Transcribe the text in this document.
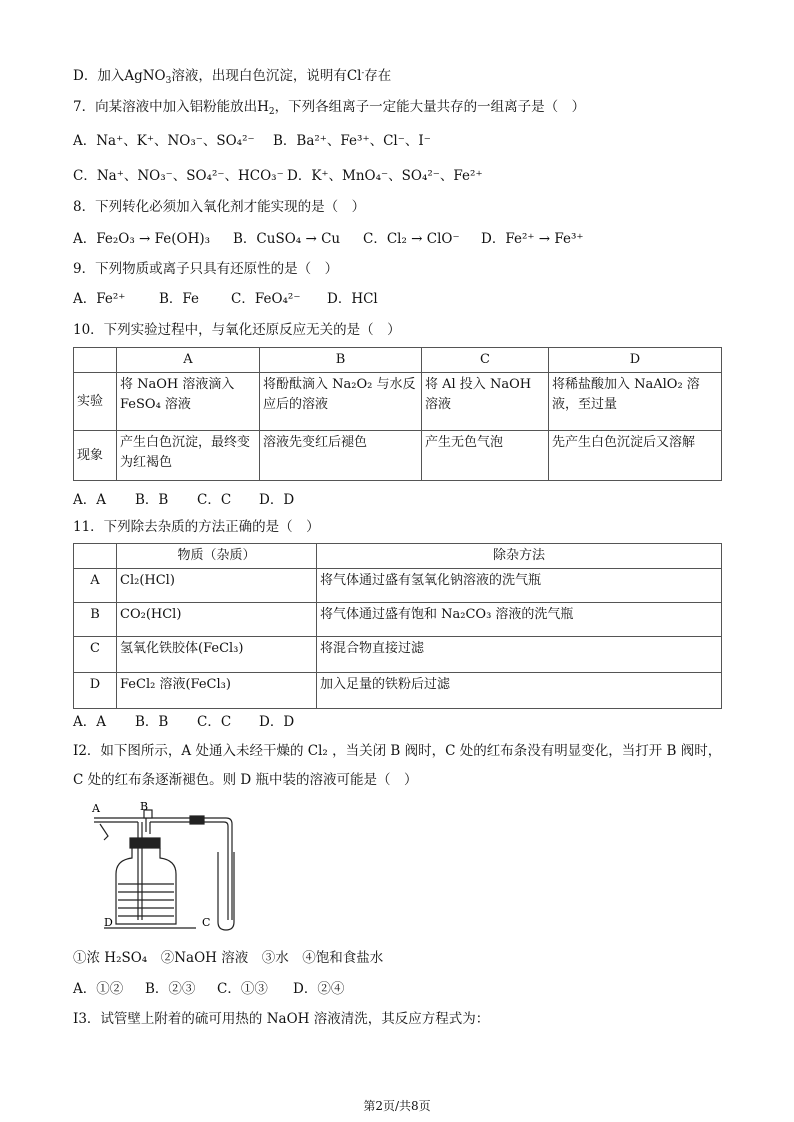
D．加入AgNO$_3$溶液，出现白色沉淀，说明有Cl-存在
7．向某溶液中加入铝粉能放出$H_2$，下列各组离子一定能大量共存的一组离子是（　）
A．Na⁺、K⁺、NO₃⁻、SO₄²⁻ B．Ba²⁺、Fe³⁺、Cl⁻、I⁻
C．Na⁺、NO₃⁻、SO₄²⁻、HCO₃⁻ D．K⁺、MnO₄⁻、SO₄²⁻、Fe²⁺
8．下列转化必须加入氧化剂才能实现的是（　）
A．Fe₂O₃ → Fe(OH)₃ B．CuSO₄ → Cu C．Cl₂ → ClO⁻ D．Fe²⁺ → Fe³⁺
9．下列物质或离子只具有还原性的是（　）
A．Fe²⁺ B．Fe C．FeO₄²⁻ D．HCl
10．下列实验过程中，与氧化还原反应无关的是（　）
	A	B	C	D
实验	将 NaOH 溶液滴入 FeSO₄ 溶液	将酚酞滴入 Na₂O₂ 与水反应后的溶液	将 Al 投入 NaOH 溶液	将稀盐酸加入 NaAlO₂ 溶液，至过量
现象	产生白色沉淀，最终变为红褐色	溶液先变红后褪色	产生无色气泡	先产生白色沉淀后又溶解
A．A B．B C．C D．D
11．下列除去杂质的方法正确的是（　）
	物质（杂质）	除杂方法
A	Cl₂(HCl)	将气体通过盛有氢氧化钠溶液的洗气瓶
B	CO₂(HCl)	将气体通过盛有饱和 Na₂CO₃ 溶液的洗气瓶
C	氢氧化铁胶体(FeCl₃)	将混合物直接过滤
D	FeCl₂ 溶液(FeCl₃)	加入足量的铁粉后过滤
A．A B．B C．C D．D
I2．如下图所示，A 处通入未经干燥的 Cl₂ ，当关闭 B 阀时，C 处的红布条没有明显变化，当打开 B 阀时，
C 处的红布条逐渐褪色。则 D 瓶中装的溶液可能是（　）
A	B
C
D
①浓 H₂SO₄　②NaOH 溶液　③水　④饱和食盐水
A．①② B．②③ C．①③ D．②④
I3．试管壁上附着的硫可用热的 NaOH 溶液清洗，其反应方程式为：
第2页/共8页
